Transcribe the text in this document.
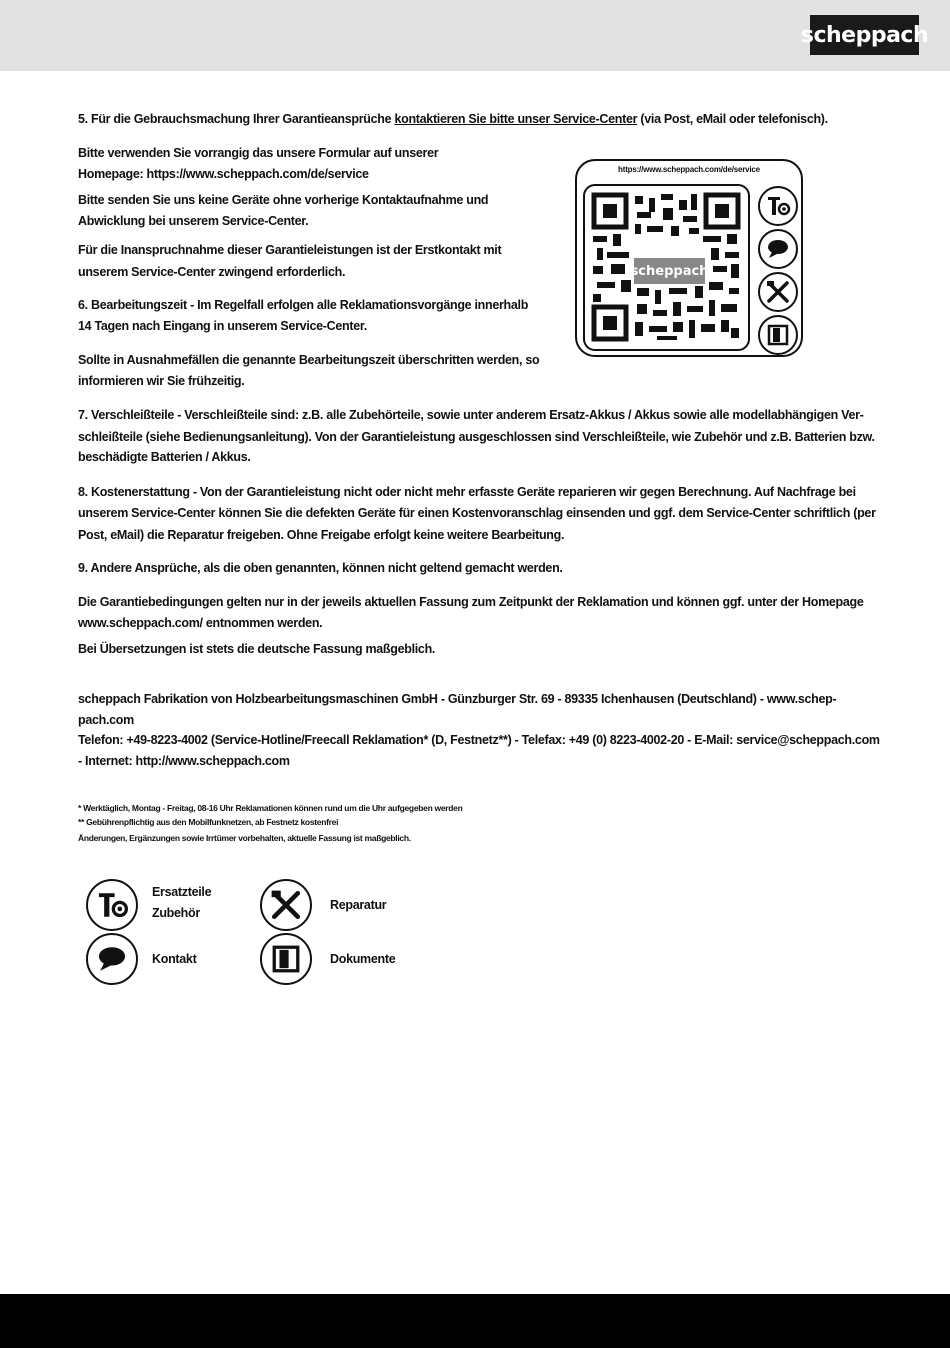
scheppach

5. Für die Gebrauchsmachung Ihrer Garantieansprüche kontaktieren Sie bitte unser Service-Center (via Post, eMail oder telefonisch).

Bitte verwenden Sie vorrangig das unsere Formular auf unserer

Homepage: https://www.scheppach.com/de/service

Bitte senden Sie uns keine Geräte ohne vorherige Kontaktaufnahme und

Abwicklung bei unserem Service-Center.

Für die Inanspruchnahme dieser Garantieleistungen ist der Erstkontakt mit

unserem Service-Center zwingend erforderlich.

6. Bearbeitungszeit - Im Regelfall erfolgen alle Reklamationsvorgänge innerhalb

14 Tagen nach Eingang in unserem Service-Center.

Sollte in Ausnahmefällen die genannte Bearbeitungszeit überschritten werden, so

informieren wir Sie frühzeitig.

https://www.scheppach.com/de/service
scheppach

7. Verschleißteile - Verschleißteile sind: z.B. alle Zubehörteile, sowie unter anderem Ersatz-Akkus / Akkus sowie alle modellabhängigen Ver-

schleißteile (siehe Bedienungsanleitung). Von der Garantieleistung ausgeschlossen sind Verschleißteile, wie Zubehör und z.B. Batterien bzw.

beschädigte Batterien / Akkus.

8. Kostenerstattung - Von der Garantieleistung nicht oder nicht mehr erfasste Geräte reparieren wir gegen Berechnung. Auf Nachfrage bei

unserem Service-Center können Sie die defekten Geräte für einen Kostenvoranschlag einsenden und ggf. dem Service-Center schriftlich (per

Post, eMail) die Reparatur freigeben. Ohne Freigabe erfolgt keine weitere Bearbeitung.

9. Andere Ansprüche, als die oben genannten, können nicht geltend gemacht werden.

Die Garantiebedingungen gelten nur in der jeweils aktuellen Fassung zum Zeitpunkt der Reklamation und können ggf. unter der Homepage

www.scheppach.com/ entnommen werden.

Bei Übersetzungen ist stets die deutsche Fassung maßgeblich.

scheppach Fabrikation von Holzbearbeitungsmaschinen GmbH - Günzburger Str. 69 - 89335 Ichenhausen (Deutschland) - www.schep-

pach.com

Telefon: +49-8223-4002 (Service-Hotline/Freecall Reklamation* (D, Festnetz**) - Telefax: +49 (0) 8223-4002-20 - E-Mail: service@scheppach.com

- Internet: http://www.scheppach.com

* Werktäglich, Montag - Freitag, 08-16 Uhr Reklamationen können rund um die Uhr aufgegeben werden

** Gebührenpflichtig aus den Mobilfunknetzen, ab Festnetz kostenfrei

Änderungen, Ergänzungen sowie Irrtümer vorbehalten, aktuelle Fassung ist maßgeblich.

Ersatzteile
Zubehör
Reparatur
Kontakt	Dokumente
